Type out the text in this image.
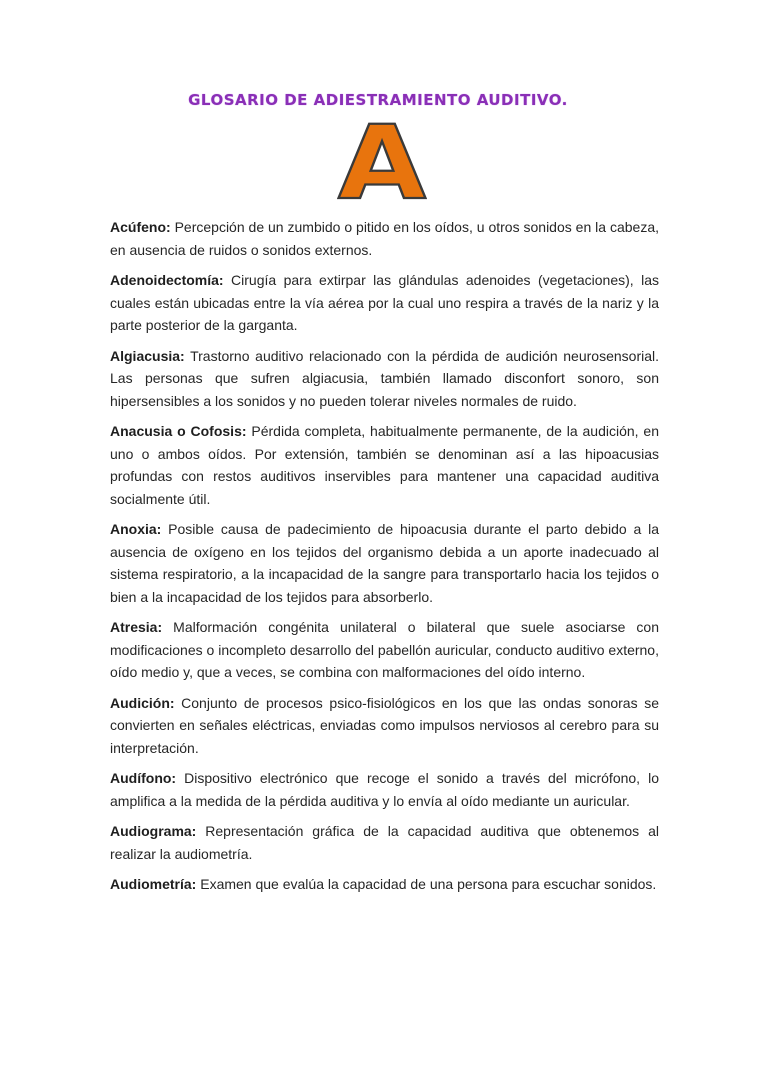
GLOSARIO DE ADIESTRAMIENTO AUDITIVO.
A

Acúfeno: Percepción de un zumbido o pitido en los oídos, u otros sonidos en la cabeza, en ausencia de ruidos o sonidos externos.

Adenoidectomía: Cirugía para extirpar las glándulas adenoides (vegetaciones), las cuales están ubicadas entre la vía aérea por la cual uno respira a través de la nariz y la parte posterior de la garganta.

Algiacusia: Trastorno auditivo relacionado con la pérdida de audición neurosensorial. Las personas que sufren algiacusia, también llamado disconfort sonoro, son hipersensibles a los sonidos y no pueden tolerar niveles normales de ruido.

Anacusia o Cofosis: Pérdida completa, habitualmente permanente, de la audición, en uno o ambos oídos. Por extensión, también se denominan así a las hipoacusias profundas con restos auditivos inservibles para mantener una capacidad auditiva socialmente útil.

Anoxia: Posible causa de padecimiento de hipoacusia durante el parto debido a la ausencia de oxígeno en los tejidos del organismo debida a un aporte inadecuado al sistema respiratorio, a la incapacidad de la sangre para transportarlo hacia los tejidos o bien a la incapacidad de los tejidos para absorberlo.

Atresia: Malformación congénita unilateral o bilateral que suele asociarse con modificaciones o incompleto desarrollo del pabellón auricular, conducto auditivo externo, oído medio y, que a veces, se combina con malformaciones del oído interno.

Audición: Conjunto de procesos psico-fisiológicos en los que las ondas sonoras se convierten en señales eléctricas, enviadas como impulsos nerviosos al cerebro para su interpretación.

Audífono: Dispositivo electrónico que recoge el sonido a través del micrófono, lo amplifica a la medida de la pérdida auditiva y lo envía al oído mediante un auricular.

Audiograma: Representación gráfica de la capacidad auditiva que obtenemos al realizar la audiometría.

Audiometría: Examen que evalúa la capacidad de una persona para escuchar sonidos.
